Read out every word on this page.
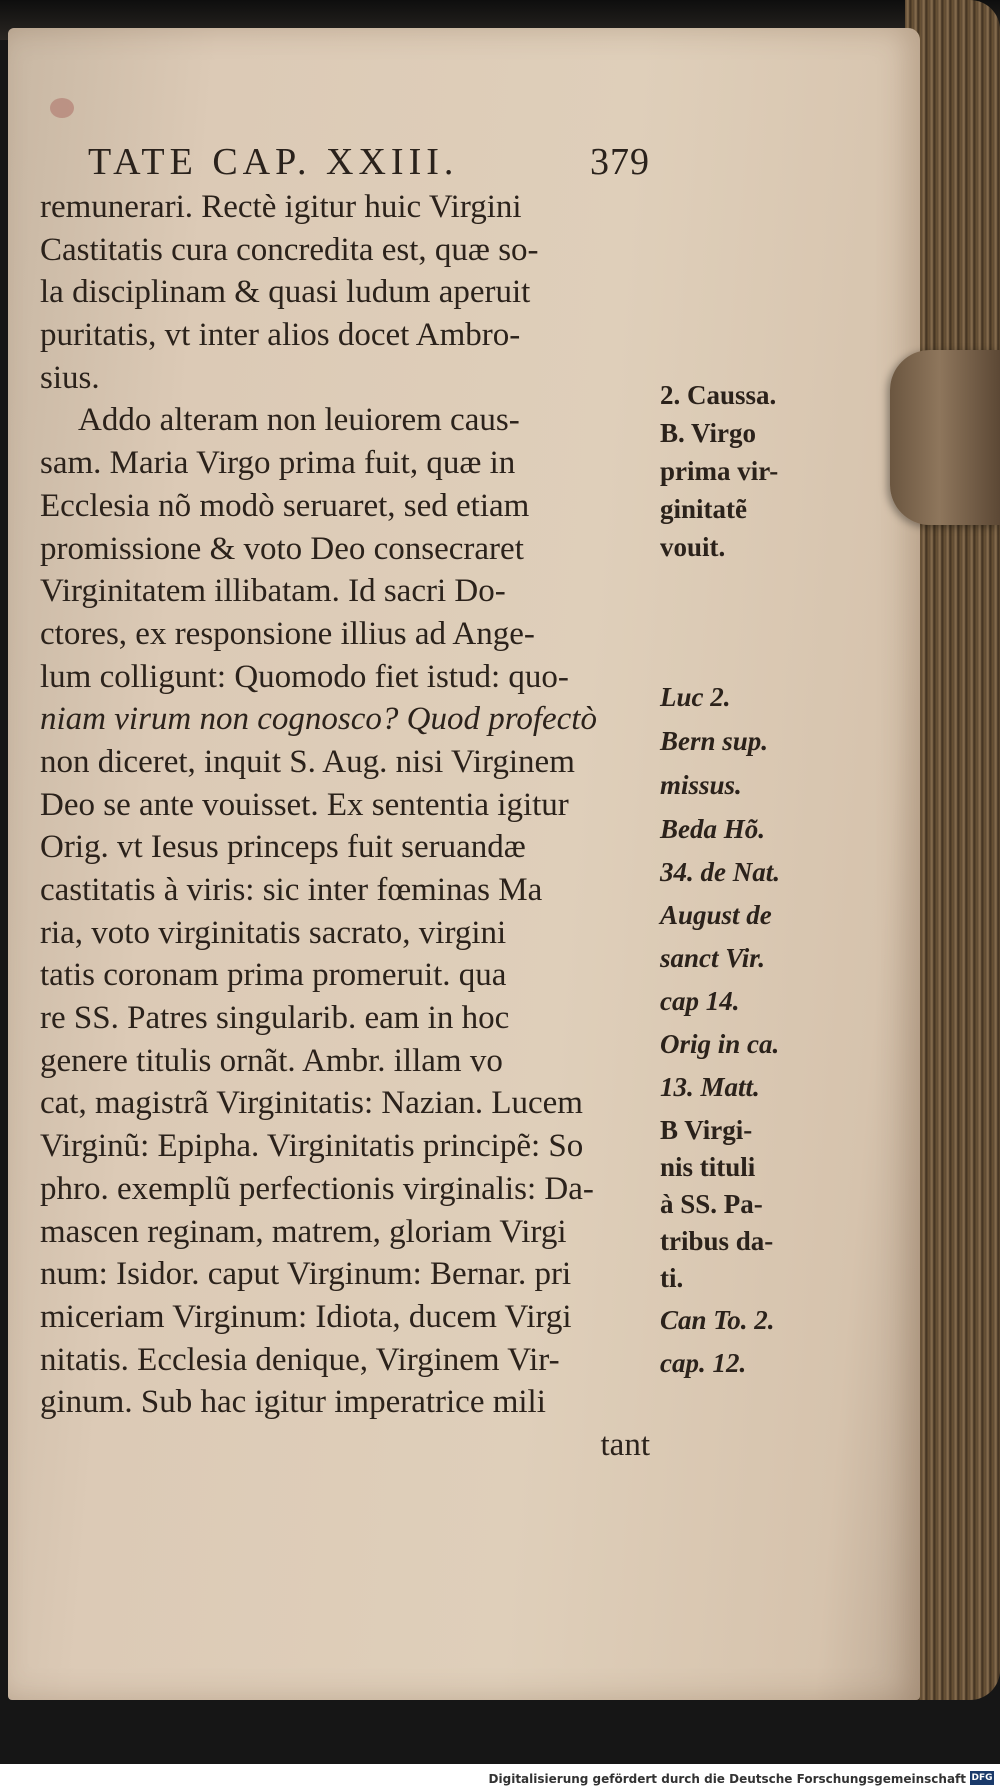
TATE CAP. XXIII.	379
remunerari. Rectè igitur huic Virgini
Castitatis cura concredita est, quæ so-
la disciplinam & quasi ludum aperuit
puritatis, vt inter alios docet Ambro-
sius.
Addo alteram non leuiorem caus-
sam. Maria Virgo prima fuit, quæ in
Ecclesia nõ modò seruaret, sed etiam
promissione & voto Deo consecraret
Virginitatem illibatam. Id sacri Do-
ctores, ex responsione illius ad Ange-
lum colligunt: Quomodo fiet istud: quo-
niam virum non cognosco? Quod profectò
non diceret, inquit S. Aug. nisi Virginem
Deo se ante vouisset. Ex sententia igitur
Orig. vt Iesus princeps fuit seruandæ
castitatis à viris: sic inter fœminas Ma
ria, voto virginitatis sacrato, virgini
tatis coronam prima promeruit. qua
re SS. Patres singularib. eam in hoc
genere titulis ornãt. Ambr. illam vo
cat, magistrã Virginitatis: Nazian. Lucem
Virginũ: Epipha. Virginitatis principẽ: So
phro. exemplũ perfectionis virginalis: Da-
mascen reginam, matrem, gloriam Virgi
num: Isidor. caput Virginum: Bernar. pri
miceriam Virginum: Idiota, ducem Virgi
nitatis. Ecclesia denique, Virginem Vir-
ginum. Sub hac igitur imperatrice mili
tant
2. Caussa.
B. Virgo
prima vir-
ginitatẽ
vouit.
Luc 2.
Bern sup.
missus.
Beda Hõ.
34. de Nat.
August de
sanct Vir.
cap 14.
Orig in ca.
13. Matt.
B Virgi-
nis tituli
à SS. Pa-
tribus da-
ti.
Can To. 2.
cap. 12.
Digitalisierung gefördert durch die Deutsche Forschungsgemeinschaft DFG
